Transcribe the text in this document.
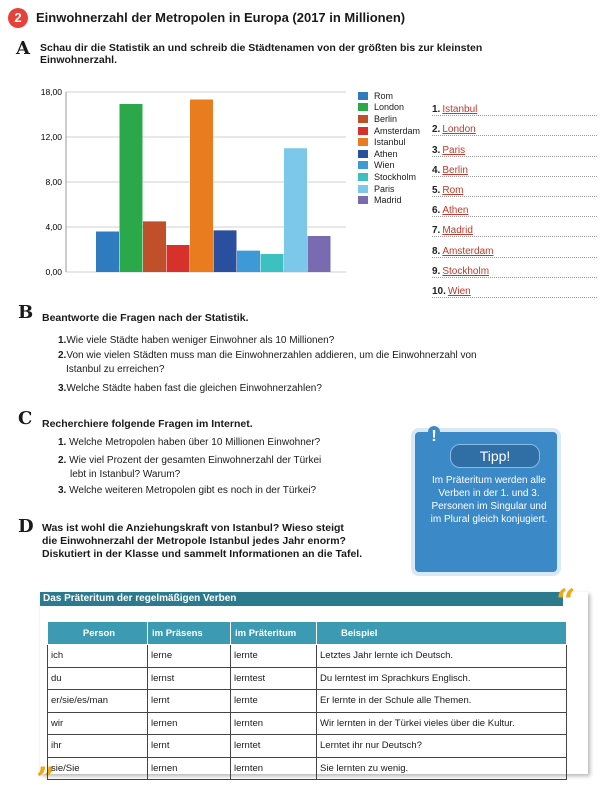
2	Einwohnerzahl der Metropolen in Europa (2017 in Millionen)
A Schau dir die Statistik an und schreib die Städtenamen von der größten bis zur kleinsten
Einwohnerzahl.
18,00
12,00
8,00
4,00
0,00
Rom
London
Berlin
Amsterdam
Istanbul
Athen
Wien
Stockholm
Paris
Madrid
1. Istanbul
2. London
3. Paris
4. Berlin
5. Rom
6. Athen
7. Madrid
8. Amsterdam
9. Stockholm
10. Wien
B Beantworte die Fragen nach der Statistik.
1.Wie viele Städte haben weniger Einwohner als 10 Millionen?
2.Von wie vielen Städten muss man die Einwohnerzahlen addieren, um die Einwohnerzahl von
Istanbul zu erreichen?
3.Welche Städte haben fast die gleichen Einwohnerzahlen?
C Recherchiere folgende Fragen im Internet.
1. Welche Metropolen haben über 10 Millionen Einwohner?
2. Wie viel Prozent der gesamten Einwohnerzahl der Türkei
lebt in Istanbul? Warum?
3. Welche weiteren Metropolen gibt es noch in der Türkei?
D Was ist wohl die Anziehungskraft von Istanbul? Wieso steigt
die Einwohnerzahl der Metropole Istanbul jedes Jahr enorm?
Diskutiert in der Klasse und sammelt Informationen an die Tafel.
!
Tipp!
Im Präteritum werden alle Verben in der 1. und 3. Personen im Singular und im Plural gleich konjugiert.
Das Präteritum der regelmäßigen Verben	“
”
Person	im Präsens	im Präteritum	Beispiel
ich	lerne	lernte	Letztes Jahr lernte ich Deutsch.
du	lernst	lerntest	Du lerntest im Sprachkurs Englisch.
er/sie/es/man	lernt	lernte	Er lernte in der Schule alle Themen.
wir	lernen	lernten	Wir lernten in der Türkei vieles über die Kultur.
ihr	lernt	lerntet	Lerntet ihr nur Deutsch?
sie/Sie	lernen	lernten	Sie lernten zu wenig.
